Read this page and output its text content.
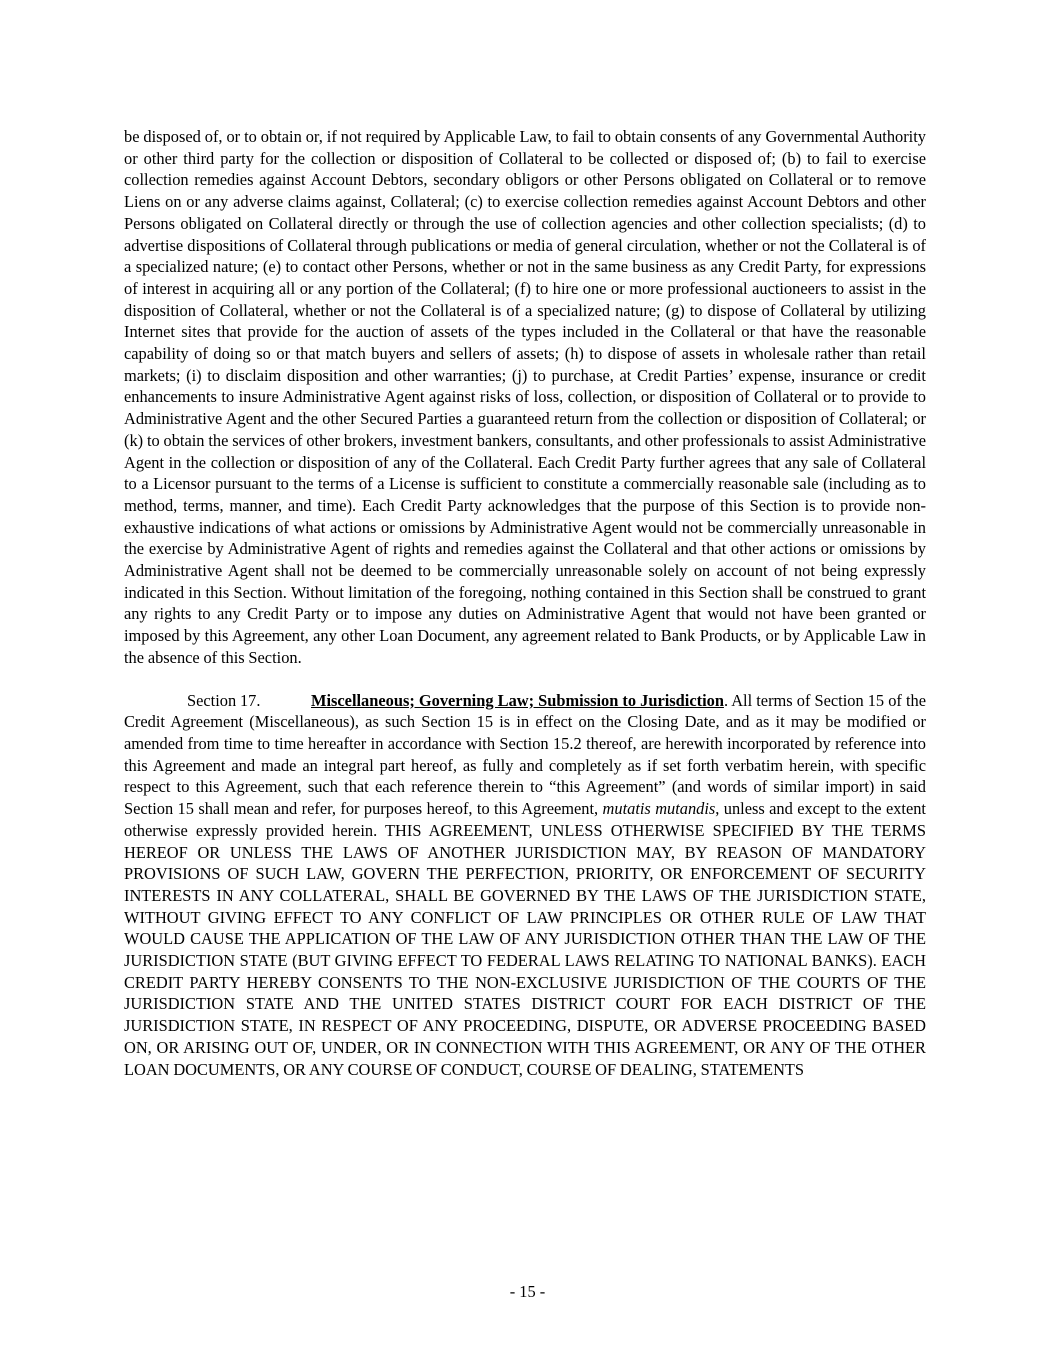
be disposed of, or to obtain or, if not required by Applicable Law, to fail to obtain consents of any Governmental Authority or other third party for the collection or disposition of Collateral to be collected or disposed of; (b) to fail to exercise collection remedies against Account Debtors, secondary obligors or other Persons obligated on Collateral or to remove Liens on or any adverse claims against, Collateral; (c) to exercise collection remedies against Account Debtors and other Persons obligated on Collateral directly or through the use of collection agencies and other collection specialists; (d) to advertise dispositions of Collateral through publications or media of general circulation, whether or not the Collateral is of a specialized nature; (e) to contact other Persons, whether or not in the same business as any Credit Party, for expressions of interest in acquiring all or any portion of the Collateral; (f) to hire one or more professional auctioneers to assist in the disposition of Collateral, whether or not the Collateral is of a specialized nature; (g) to dispose of Collateral by utilizing Internet sites that provide for the auction of assets of the types included in the Collateral or that have the reasonable capability of doing so or that match buyers and sellers of assets; (h) to dispose of assets in wholesale rather than retail markets; (i) to disclaim disposition and other warranties; (j) to purchase, at Credit Parties’ expense, insurance or credit enhancements to insure Administrative Agent against risks of loss, collection, or disposition of Collateral or to provide to Administrative Agent and the other Secured Parties a guaranteed return from the collection or disposition of Collateral; or (k) to obtain the services of other brokers, investment bankers, consultants, and other professionals to assist Administrative Agent in the collection or disposition of any of the Collateral. Each Credit Party further agrees that any sale of Collateral to a Licensor pursuant to the terms of a License is sufficient to constitute a commercially reasonable sale (including as to method, terms, manner, and time). Each Credit Party acknowledges that the purpose of this Section is to provide non-exhaustive indications of what actions or omissions by Administrative Agent would not be commercially unreasonable in the exercise by Administrative Agent of rights and remedies against the Collateral and that other actions or omissions by Administrative Agent shall not be deemed to be commercially unreasonable solely on account of not being expressly indicated in this Section. Without limitation of the foregoing, nothing contained in this Section shall be construed to grant any rights to any Credit Party or to impose any duties on Administrative Agent that would not have been granted or imposed by this Agreement, any other Loan Document, any agreement related to Bank Products, or by Applicable Law in the absence of this Section.

Section 17.	Miscellaneous; Governing Law; Submission to Jurisdiction. All terms of Section 15 of the Credit Agreement (Miscellaneous), as such Section 15 is in effect on the Closing Date, and as it may be modified or amended from time to time hereafter in accordance with Section 15.2 thereof, are herewith incorporated by reference into this Agreement and made an integral part hereof, as fully and completely as if set forth verbatim herein, with specific respect to this Agreement, such that each reference therein to “this Agreement” (and words of similar import) in said Section 15 shall mean and refer, for purposes hereof, to this Agreement, mutatis mutandis, unless and except to the extent otherwise expressly provided herein. THIS AGREEMENT, UNLESS OTHERWISE SPECIFIED BY THE TERMS HEREOF OR UNLESS THE LAWS OF ANOTHER JURISDICTION MAY, BY REASON OF MANDATORY PROVISIONS OF SUCH LAW, GOVERN THE PERFECTION, PRIORITY, OR ENFORCEMENT OF SECURITY INTERESTS IN ANY COLLATERAL, SHALL BE GOVERNED BY THE LAWS OF THE JURISDICTION STATE, WITHOUT GIVING EFFECT TO ANY CONFLICT OF LAW PRINCIPLES OR OTHER RULE OF LAW THAT WOULD CAUSE THE APPLICATION OF THE LAW OF ANY JURISDICTION OTHER THAN THE LAW OF THE JURISDICTION STATE (BUT GIVING EFFECT TO FEDERAL LAWS RELATING TO NATIONAL BANKS). EACH CREDIT PARTY HEREBY CONSENTS TO THE NON-EXCLUSIVE JURISDICTION OF THE COURTS OF THE JURISDICTION STATE AND THE UNITED STATES DISTRICT COURT FOR EACH DISTRICT OF THE JURISDICTION STATE, IN RESPECT OF ANY PROCEEDING, DISPUTE, OR ADVERSE PROCEEDING BASED ON, OR ARISING OUT OF, UNDER, OR IN CONNECTION WITH THIS AGREEMENT, OR ANY OF THE OTHER LOAN DOCUMENTS, OR ANY COURSE OF CONDUCT, COURSE OF DEALING, STATEMENTS

- 15 -
